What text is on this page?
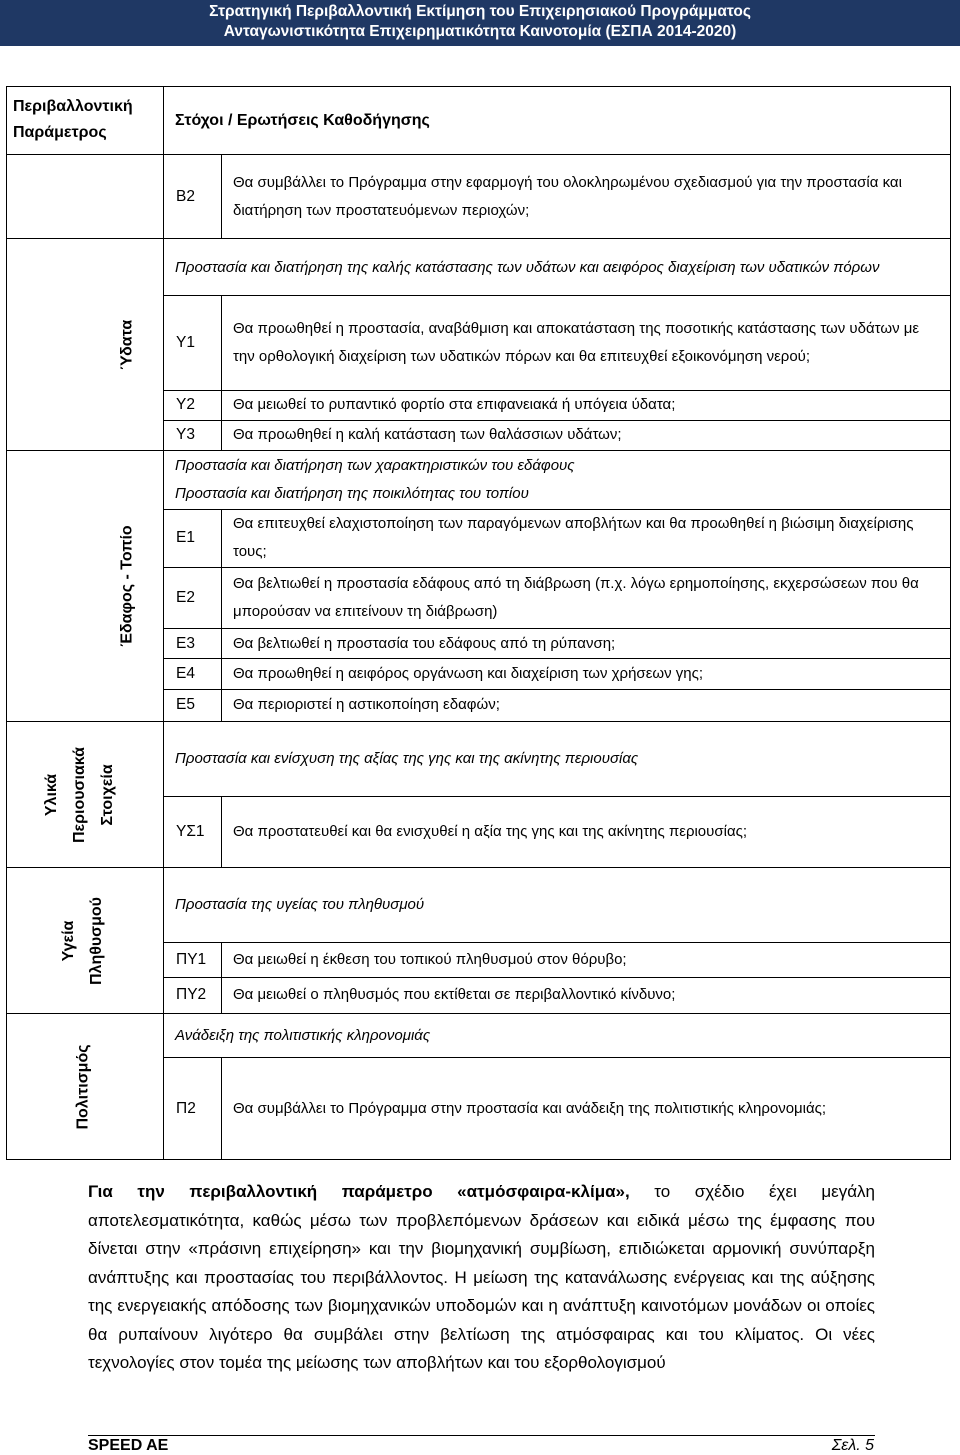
Στρατηγική Περιβαλλοντική Εκτίμηση του Επιχειρησιακού Προγράμματος
Ανταγωνιστικότητα Επιχειρηματικότητα Καινοτομία (ΕΣΠΑ 2014-2020)
Περιβαλλοντική
Παράμετρος	Στόχοι / Ερωτήσεις Καθοδήγησης	
	Β2	Θα συμβάλλει το Πρόγραμμα στην εφαρμογή του ολοκληρωμένου σχεδιασμού για την προστασία και διατήρηση των προστατευόμενων περιοχών;

Ύδατα	Προστασία και διατήρηση της καλής κατάστασης των υδάτων και αειφόρος διαχείριση των υδατικών πόρων	
	Υ1	Θα προωθηθεί η προστασία, αναβάθμιση και αποκατάσταση της ποσοτικής κατάστασης των υδάτων με την ορθολογική διαχείριση των υδατικών πόρων και θα επιτευχθεί εξοικονόμηση νερού;
	Υ2	Θα μειωθεί το ρυπαντικό φορτίο στα επιφανειακά ή υπόγεια ύδατα;
	Υ3	Θα προωθηθεί η καλή κατάσταση των θαλάσσιων υδάτων;

Έδαφος - Τοπίο	Προστασία και διατήρηση των χαρακτηριστικών του εδάφους
Προστασία και διατήρηση της ποικιλότητας του τοπίου	

	Ε1	Θα επιτευχθεί ελαχιστοποίηση των παραγόμενων αποβλήτων και θα προωθηθεί η βιώσιμη διαχείρισης τους;
	Ε2	Θα βελτιωθεί η προστασία εδάφους από τη διάβρωση (π.χ. λόγω ερημοποίησης, εκχερσώσεων που θα μπορούσαν να επιτείνουν τη διάβρωση)
	Ε3	Θα βελτιωθεί η προστασία του εδάφους από τη ρύπανση;
	Ε4	Θα προωθηθεί η αειφόρος οργάνωση και διαχείριση των χρήσεων γης;
	Ε5	Θα περιοριστεί η αστικοποίηση εδαφών;

Υλικά Περιουσιακά Στοιχεία	Προστασία και ενίσχυση της αξίας της γης και της ακίνητης περιουσίας	
	ΥΣ1	Θα προστατευθεί και θα ενισχυθεί η αξία της γης και της ακίνητης περιουσίας;

Υγεία Πληθυσμού	Προστασία της υγείας του πληθυσμού	
	ΠΥ1	Θα μειωθεί η έκθεση του τοπικού πληθυσμού στον θόρυβο;
	ΠΥ2	Θα μειωθεί ο πληθυσμός που εκτίθεται σε περιβαλλοντικό κίνδυνο;

Πολιτισμός	Ανάδειξη της πολιτιστικής κληρονομιάς	
	Π2	Θα συμβάλλει το Πρόγραμμα στην προστασία και ανάδειξη της πολιτιστικής κληρονομιάς;
Για την περιβαλλοντική παράμετρο «ατμόσφαιρα-κλίμα», το σχέδιο έχει μεγάλη αποτελεσματικότητα, καθώς μέσω των προβλεπόμενων δράσεων και ειδικά μέσω της έμφασης που δίνεται στην «πράσινη επιχείρηση» και την βιομηχανική συμβίωση, επιδιώκεται αρμονική συνύπαρξη ανάπτυξης και προστασίας του περιβάλλοντος. Η μείωση της κατανάλωσης ενέργειας και της αύξησης της ενεργειακής απόδοσης των βιομηχανικών υποδομών και η ανάπτυξη καινοτόμων μονάδων οι οποίες θα ρυπαίνουν λιγότερο θα συμβάλει στην βελτίωση της ατμόσφαιρας και του κλίματος. Οι νέες τεχνολογίες στον τομέα της μείωσης των αποβλήτων και του εξορθολογισμού
SPEED AE	Σελ. 5
